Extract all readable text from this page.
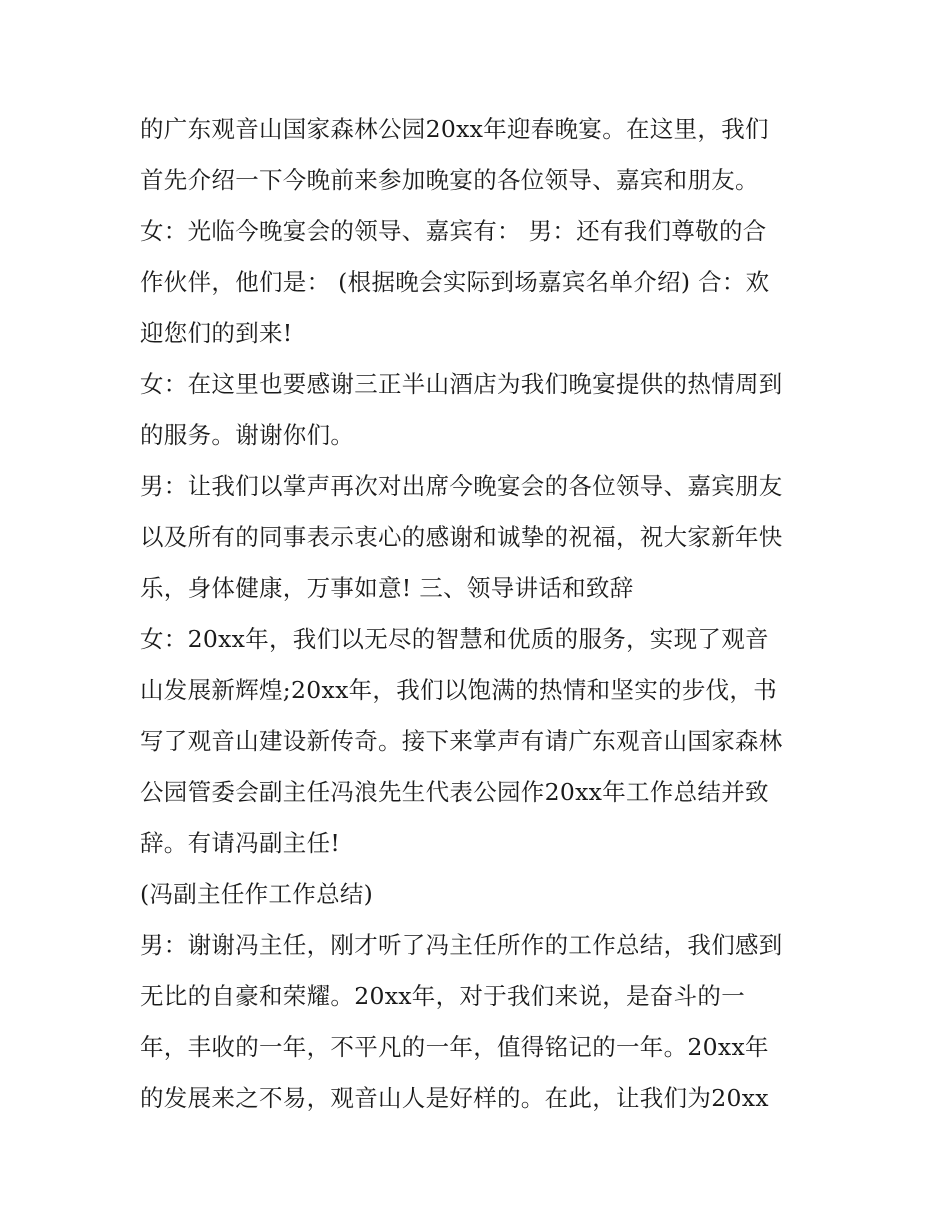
的广东观音山国家森林公园20xx年迎春晚宴。在这里，我们
首先介绍一下今晚前来参加晚宴的各位领导、嘉宾和朋友。
女：光临今晚宴会的领导、嘉宾有： 男：还有我们尊敬的合
作伙伴，他们是： (根据晚会实际到场嘉宾名单介绍) 合：欢
迎您们的到来!
女：在这里也要感谢三正半山酒店为我们晚宴提供的热情周到
的服务。谢谢你们。
男：让我们以掌声再次对出席今晚宴会的各位领导、嘉宾朋友
以及所有的同事表示衷心的感谢和诚挚的祝福，祝大家新年快
乐，身体健康，万事如意! 三、领导讲话和致辞
女：20xx年，我们以无尽的智慧和优质的服务，实现了观音
山发展新辉煌;20xx年，我们以饱满的热情和坚实的步伐，书
写了观音山建设新传奇。接下来掌声有请广东观音山国家森林
公园管委会副主任冯浪先生代表公园作20xx年工作总结并致
辞。有请冯副主任!
(冯副主任作工作总结)
男：谢谢冯主任，刚才听了冯主任所作的工作总结，我们感到
无比的自豪和荣耀。20xx年，对于我们来说，是奋斗的一
年，丰收的一年，不平凡的一年，值得铭记的一年。20xx年
的发展来之不易，观音山人是好样的。在此，让我们为20xx
